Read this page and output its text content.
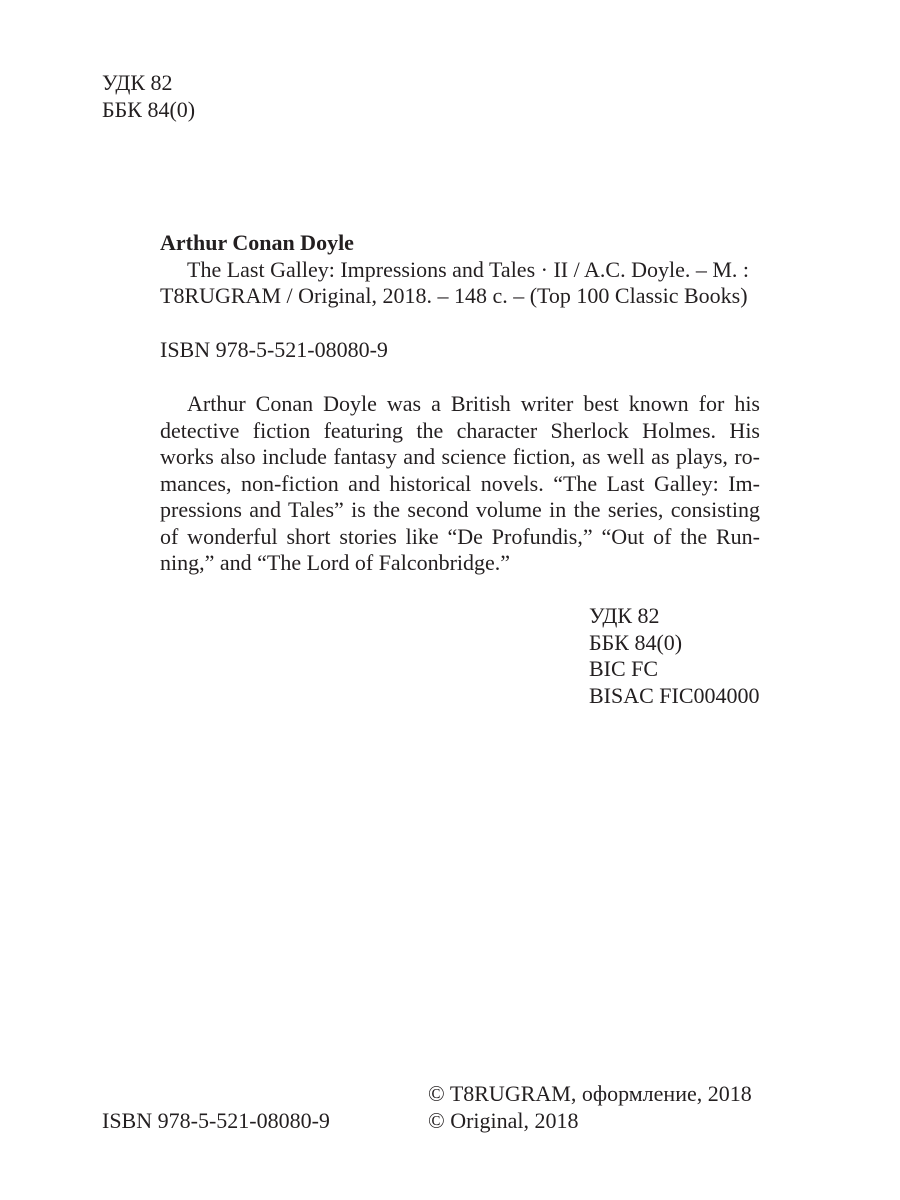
УДК 82
ББК 84(0)
Arthur Conan Doyle
The Last Galley: Impressions and Tales · II / A.C. Doyle. – M. :
T8RUGRAM / Original, 2018. – 148 c. – (Top 100 Classic Books)
ISBN 978-5-521-08080-9
Arthur Conan Doyle was a British writer best known for his
detective fiction featuring the character Sherlock Holmes. His
works also include fantasy and science fiction, as well as plays, ro-
mances, non-fiction and historical novels. “The Last Galley: Im-
pressions and Tales” is the second volume in the series, consisting
of wonderful short stories like “De Profundis,” “Out of the Run-
ning,” and “The Lord of Falconbridge.”
УДК 82
ББК 84(0)
BIC FC
BISAC FIC004000
ISBN 978-5-521-08080-9
© T8RUGRAM, оформление, 2018
© Original, 2018
